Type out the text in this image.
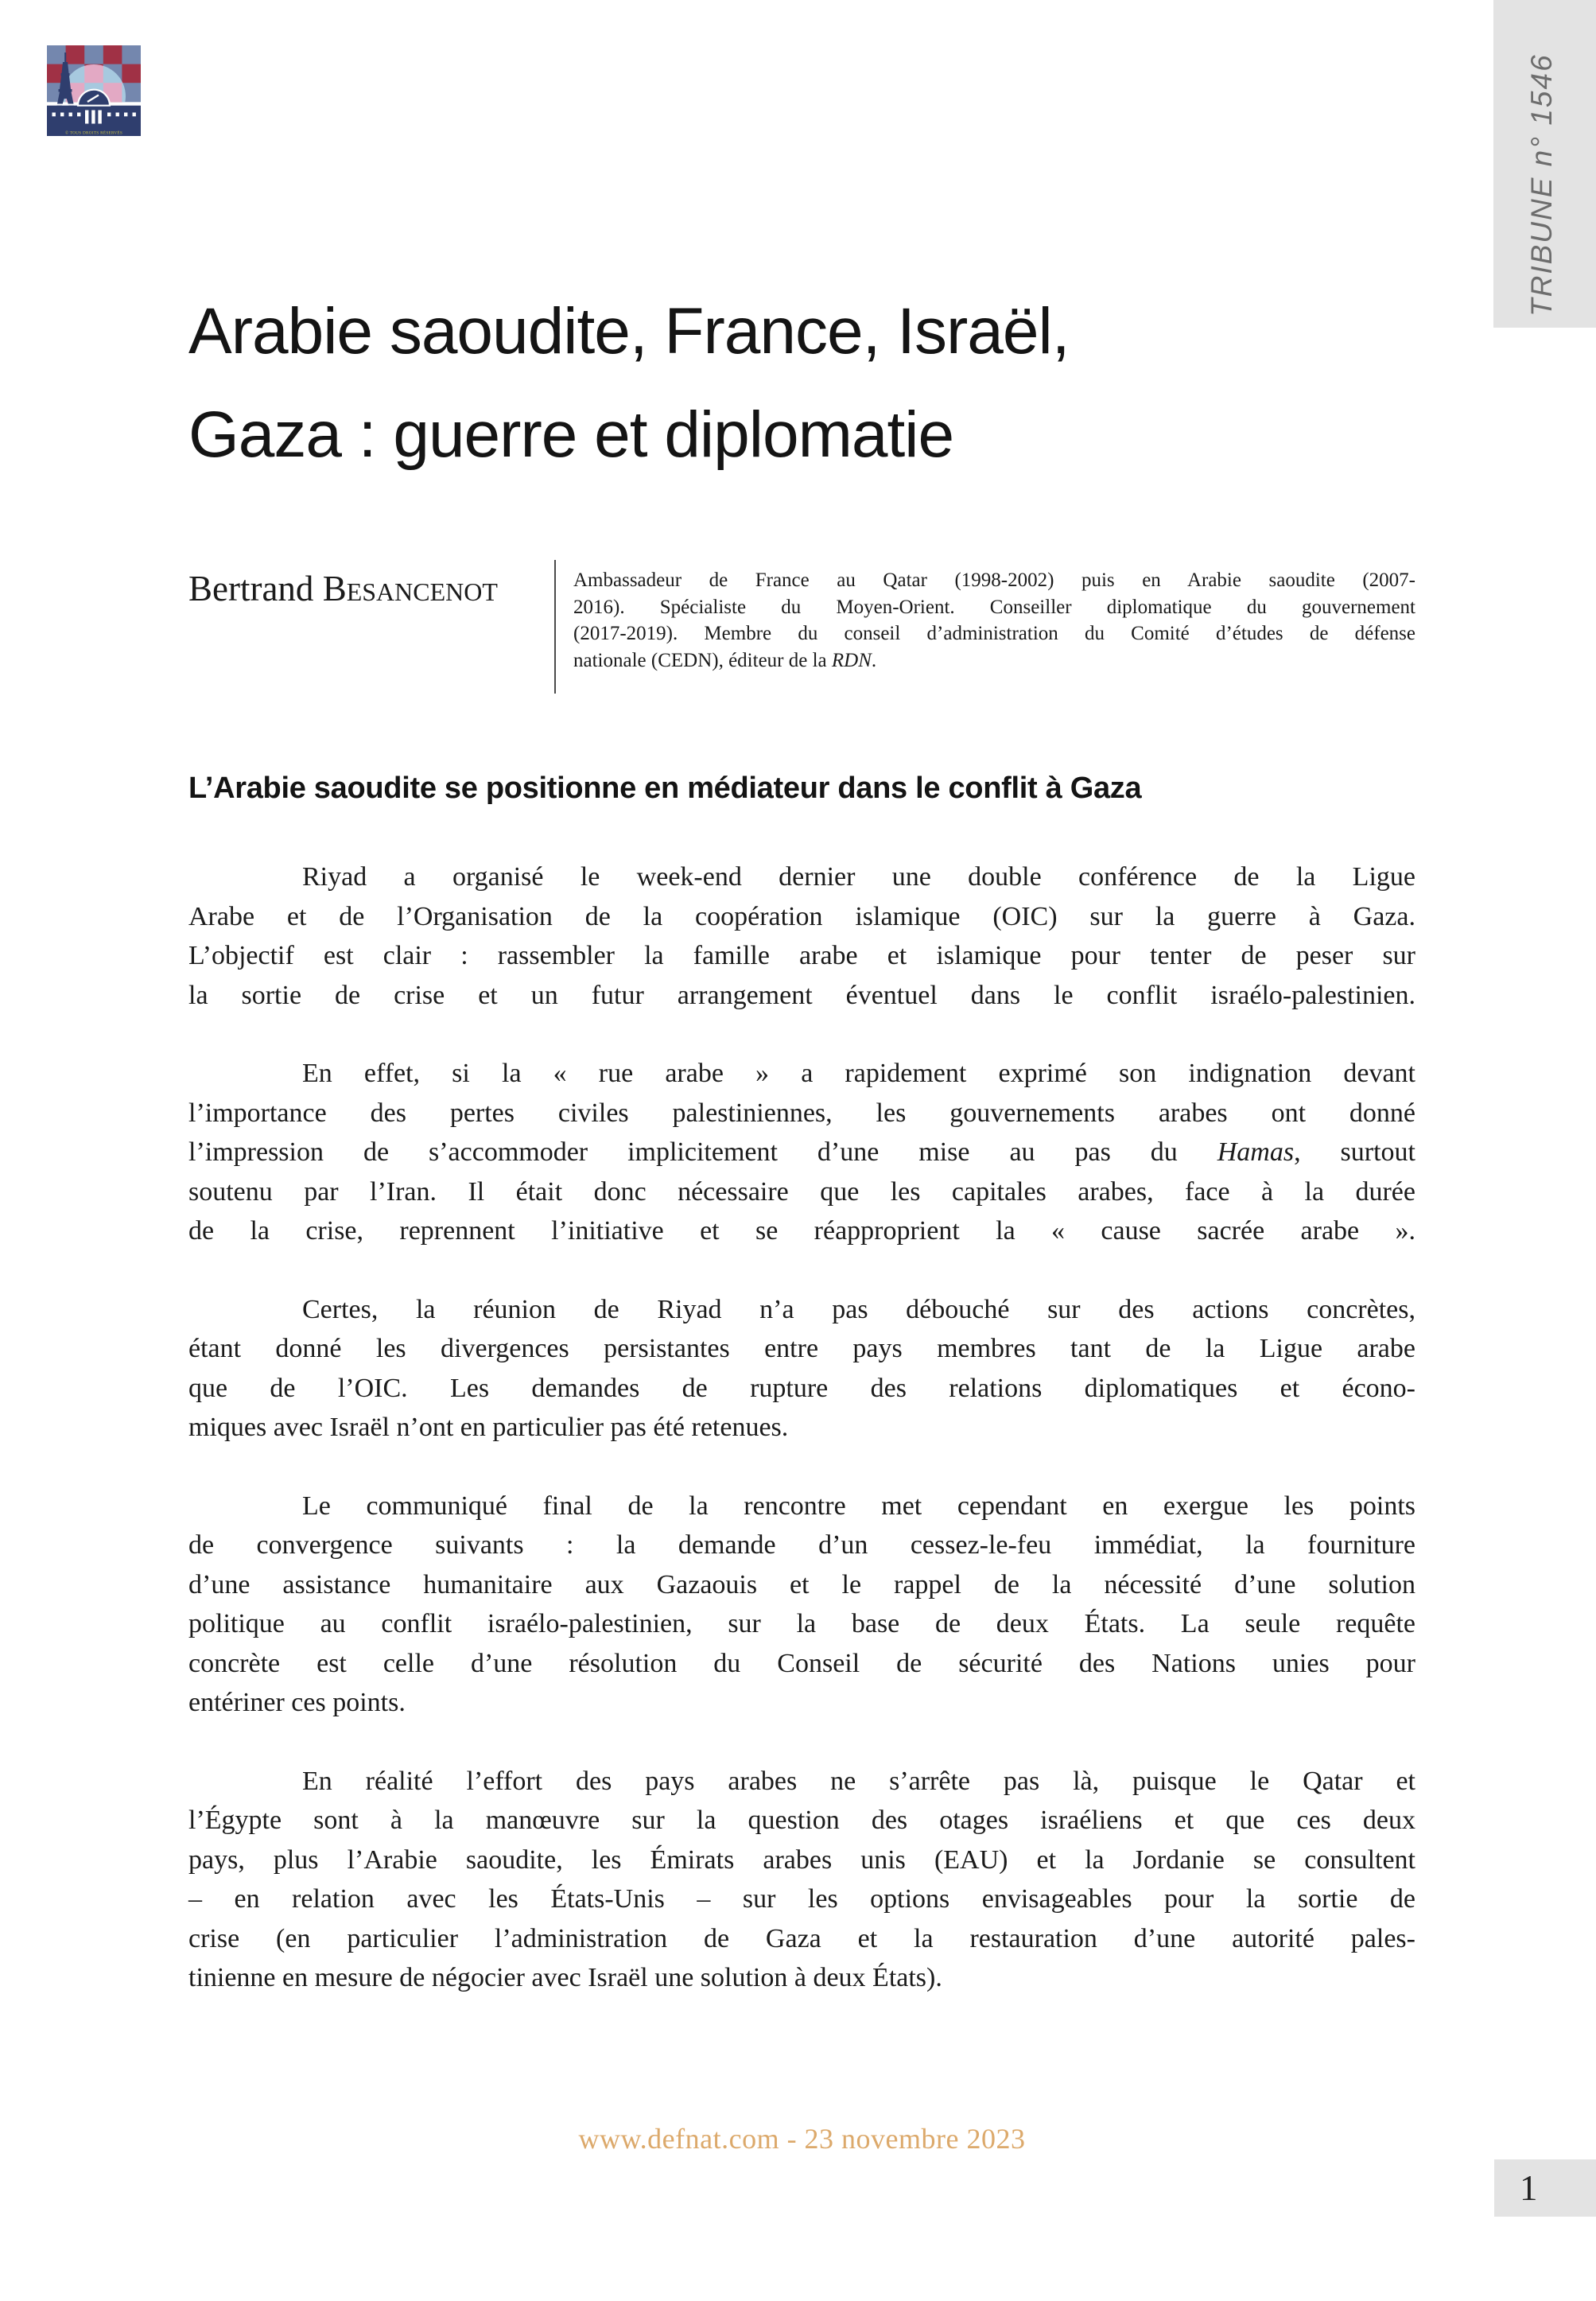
© TOUS DROITS RÉSERVÉS	TRIBUNE n° 1546
Arabie saoudite, France, Israël,
Gaza : guerre et diplomatie
Bertrand Besancenot	Ambassadeur de France au Qatar (1998-2002) puis en Arabie saoudite (2007-
2016). Spécialiste du Moyen-Orient. Conseiller diplomatique du gouvernement
(2017-2019). Membre du conseil d’administration du Comité d’études de défense
nationale (CEDN), éditeur de la RDN.
L’Arabie saoudite se positionne en médiateur dans le conflit à Gaza
Riyad a organisé le week-end dernier une double conférence de la Ligue
Arabe et de l’Organisation de la coopération islamique (OIC) sur la guerre à Gaza.
L’objectif est clair : rassembler la famille arabe et islamique pour tenter de peser sur
la sortie de crise et un futur arrangement éventuel dans le conflit israélo-palestinien.
En effet, si la « rue arabe » a rapidement exprimé son indignation devant
l’importance des pertes civiles palestiniennes, les gouvernements arabes ont donné
l’impression de s’accommoder implicitement d’une mise au pas du Hamas, surtout
soutenu par l’Iran. Il était donc nécessaire que les capitales arabes, face à la durée
de la crise, reprennent l’initiative et se réapproprient la « cause sacrée arabe ».
Certes, la réunion de Riyad n’a pas débouché sur des actions concrètes,
étant donné les divergences persistantes entre pays membres tant de la Ligue arabe
que de l’OIC. Les demandes de rupture des relations diplomatiques et écono-
miques avec Israël n’ont en particulier pas été retenues.
Le communiqué final de la rencontre met cependant en exergue les points
de convergence suivants : la demande d’un cessez-le-feu immédiat, la fourniture
d’une assistance humanitaire aux Gazaouis et le rappel de la nécessité d’une solution
politique au conflit israélo-palestinien, sur la base de deux États. La seule requête
concrète est celle d’une résolution du Conseil de sécurité des Nations unies pour
entériner ces points.
En réalité l’effort des pays arabes ne s’arrête pas là, puisque le Qatar et
l’Égypte sont à la manœuvre sur la question des otages israéliens et que ces deux
pays, plus l’Arabie saoudite, les Émirats arabes unis (EAU) et la Jordanie se consultent
– en relation avec les États-Unis – sur les options envisageables pour la sortie de
crise (en particulier l’administration de Gaza et la restauration d’une autorité pales-
tinienne en mesure de négocier avec Israël une solution à deux États).
www.defnat.com - 23 novembre 2023
1
